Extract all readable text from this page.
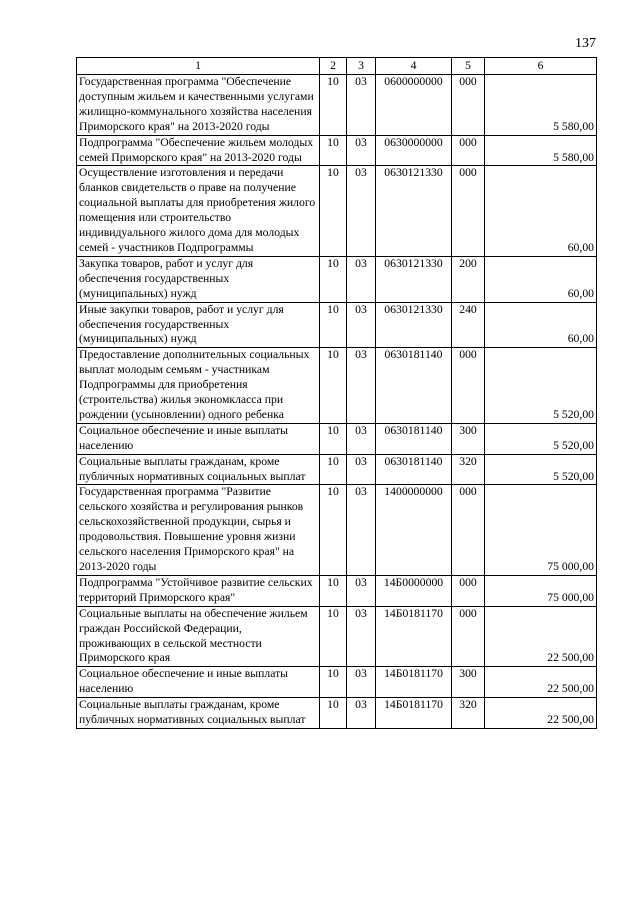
137
1	2	3	4	5	6
Государственная программа "Обеспечение доступным жильем и качественными услугами жилищно-коммунального хозяйства населения Приморского края" на 2013-2020 годы	10	03	0600000000	000	5 580,00
Подпрограмма "Обеспечение жильем молодых семей Приморского края" на 2013-2020 годы	10	03	0630000000	000	5 580,00
Осуществление изготовления и передачи бланков свидетельств о праве на получение социальной выплаты для приобретения жилого помещения или строительство индивидуального жилого дома для молодых семей - участников Подпрограммы	10	03	0630121330	000	60,00
Закупка товаров, работ и услуг для обеспечения государственных (муниципальных) нужд	10	03	0630121330	200	60,00
Иные закупки товаров, работ и услуг для обеспечения государственных (муниципальных) нужд	10	03	0630121330	240	60,00
Предоставление дополнительных социальных выплат молодым семьям - участникам Подпрограммы для приобретения (строительства) жилья экономкласса при рождении (усыновлении) одного ребенка	10	03	0630181140	000	5 520,00
Социальное обеспечение и иные выплаты населению	10	03	0630181140	300	5 520,00
Социальные выплаты гражданам, кроме публичных нормативных социальных выплат	10	03	0630181140	320	5 520,00
Государственная программа "Развитие сельского хозяйства и регулирования рынков сельскохозяйственной продукции, сырья и продовольствия. Повышение уровня жизни сельского населения Приморского края" на 2013-2020 годы	10	03	1400000000	000	75 000,00
Подпрограмма "Устойчивое развитие сельских территорий Приморского края"	10	03	14Б0000000	000	75 000,00
Социальные выплаты на обеспечение жильем граждан Российской Федерации, проживающих в сельской местности Приморского края	10	03	14Б0181170	000	22 500,00
Социальное обеспечение и иные выплаты населению	10	03	14Б0181170	300	22 500,00
Социальные выплаты гражданам, кроме публичных нормативных социальных выплат	10	03	14Б0181170	320	22 500,00
